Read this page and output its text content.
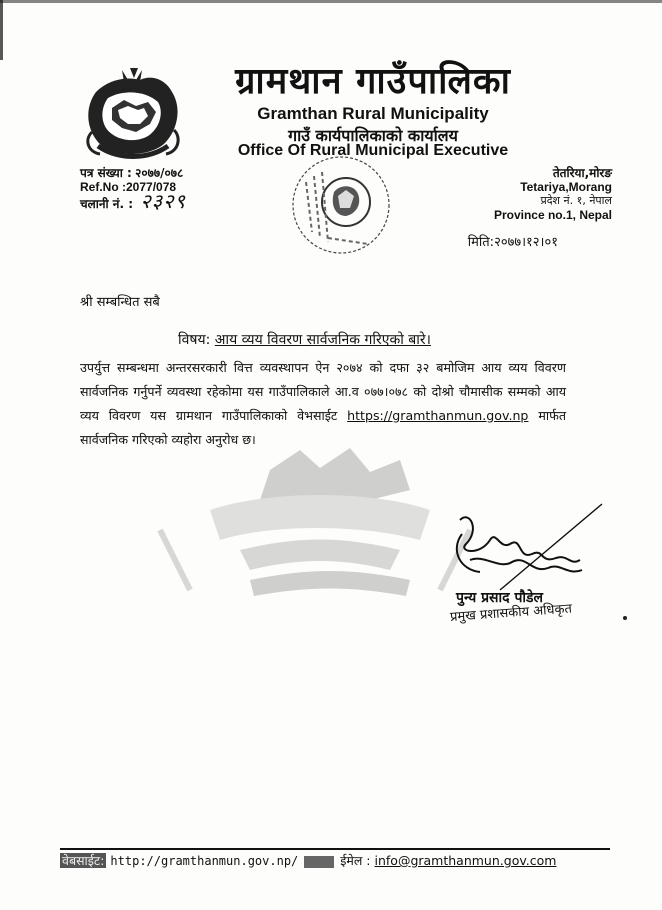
ग्रामथान गाउँपालिका
Gramthan Rural Municipality
गाउँ कार्यपालिकाको कार्यालय
Office Of Rural Municipal Executive
पत्र संख्या : २०७७/०७८
Ref.No :2077/078
चलानी नं. : २३२९
तेतरिया,मोरङ
Tetariya,Morang
प्रदेश नं. १, नेपाल
Province no.1, Nepal
मिति:२०७७।१२।०१
श्री सम्बन्धित सबै
विषय: आय व्यय विवरण सार्वजनिक गरिएको बारे।
उपर्युत्त सम्बन्धमा अन्तरसरकारी वित्त व्यवस्थापन ऐन २०७४ को दफा ३२ बमोजिम आय व्यय विवरण सार्वजनिक गर्नुपर्ने व्यवस्था रहेकोमा यस गाउँपालिकाले आ.व ०७७।०७८ को दोश्रो चौमासीक सम्मको आय व्यय विवरण यस ग्रामथान गाउँपालिकाको वेभसाईट https://gramthanmun.gov.np मार्फत सार्वजनिक गरिएको व्यहोरा अनुरोध छ।
पुन्य प्रसाद पौडेल
प्रमुख प्रशासकीय अधिकृत
वेबसाईट: http://gramthanmun.gov.np/	ईमेल : info@gramthanmun.gov.com
